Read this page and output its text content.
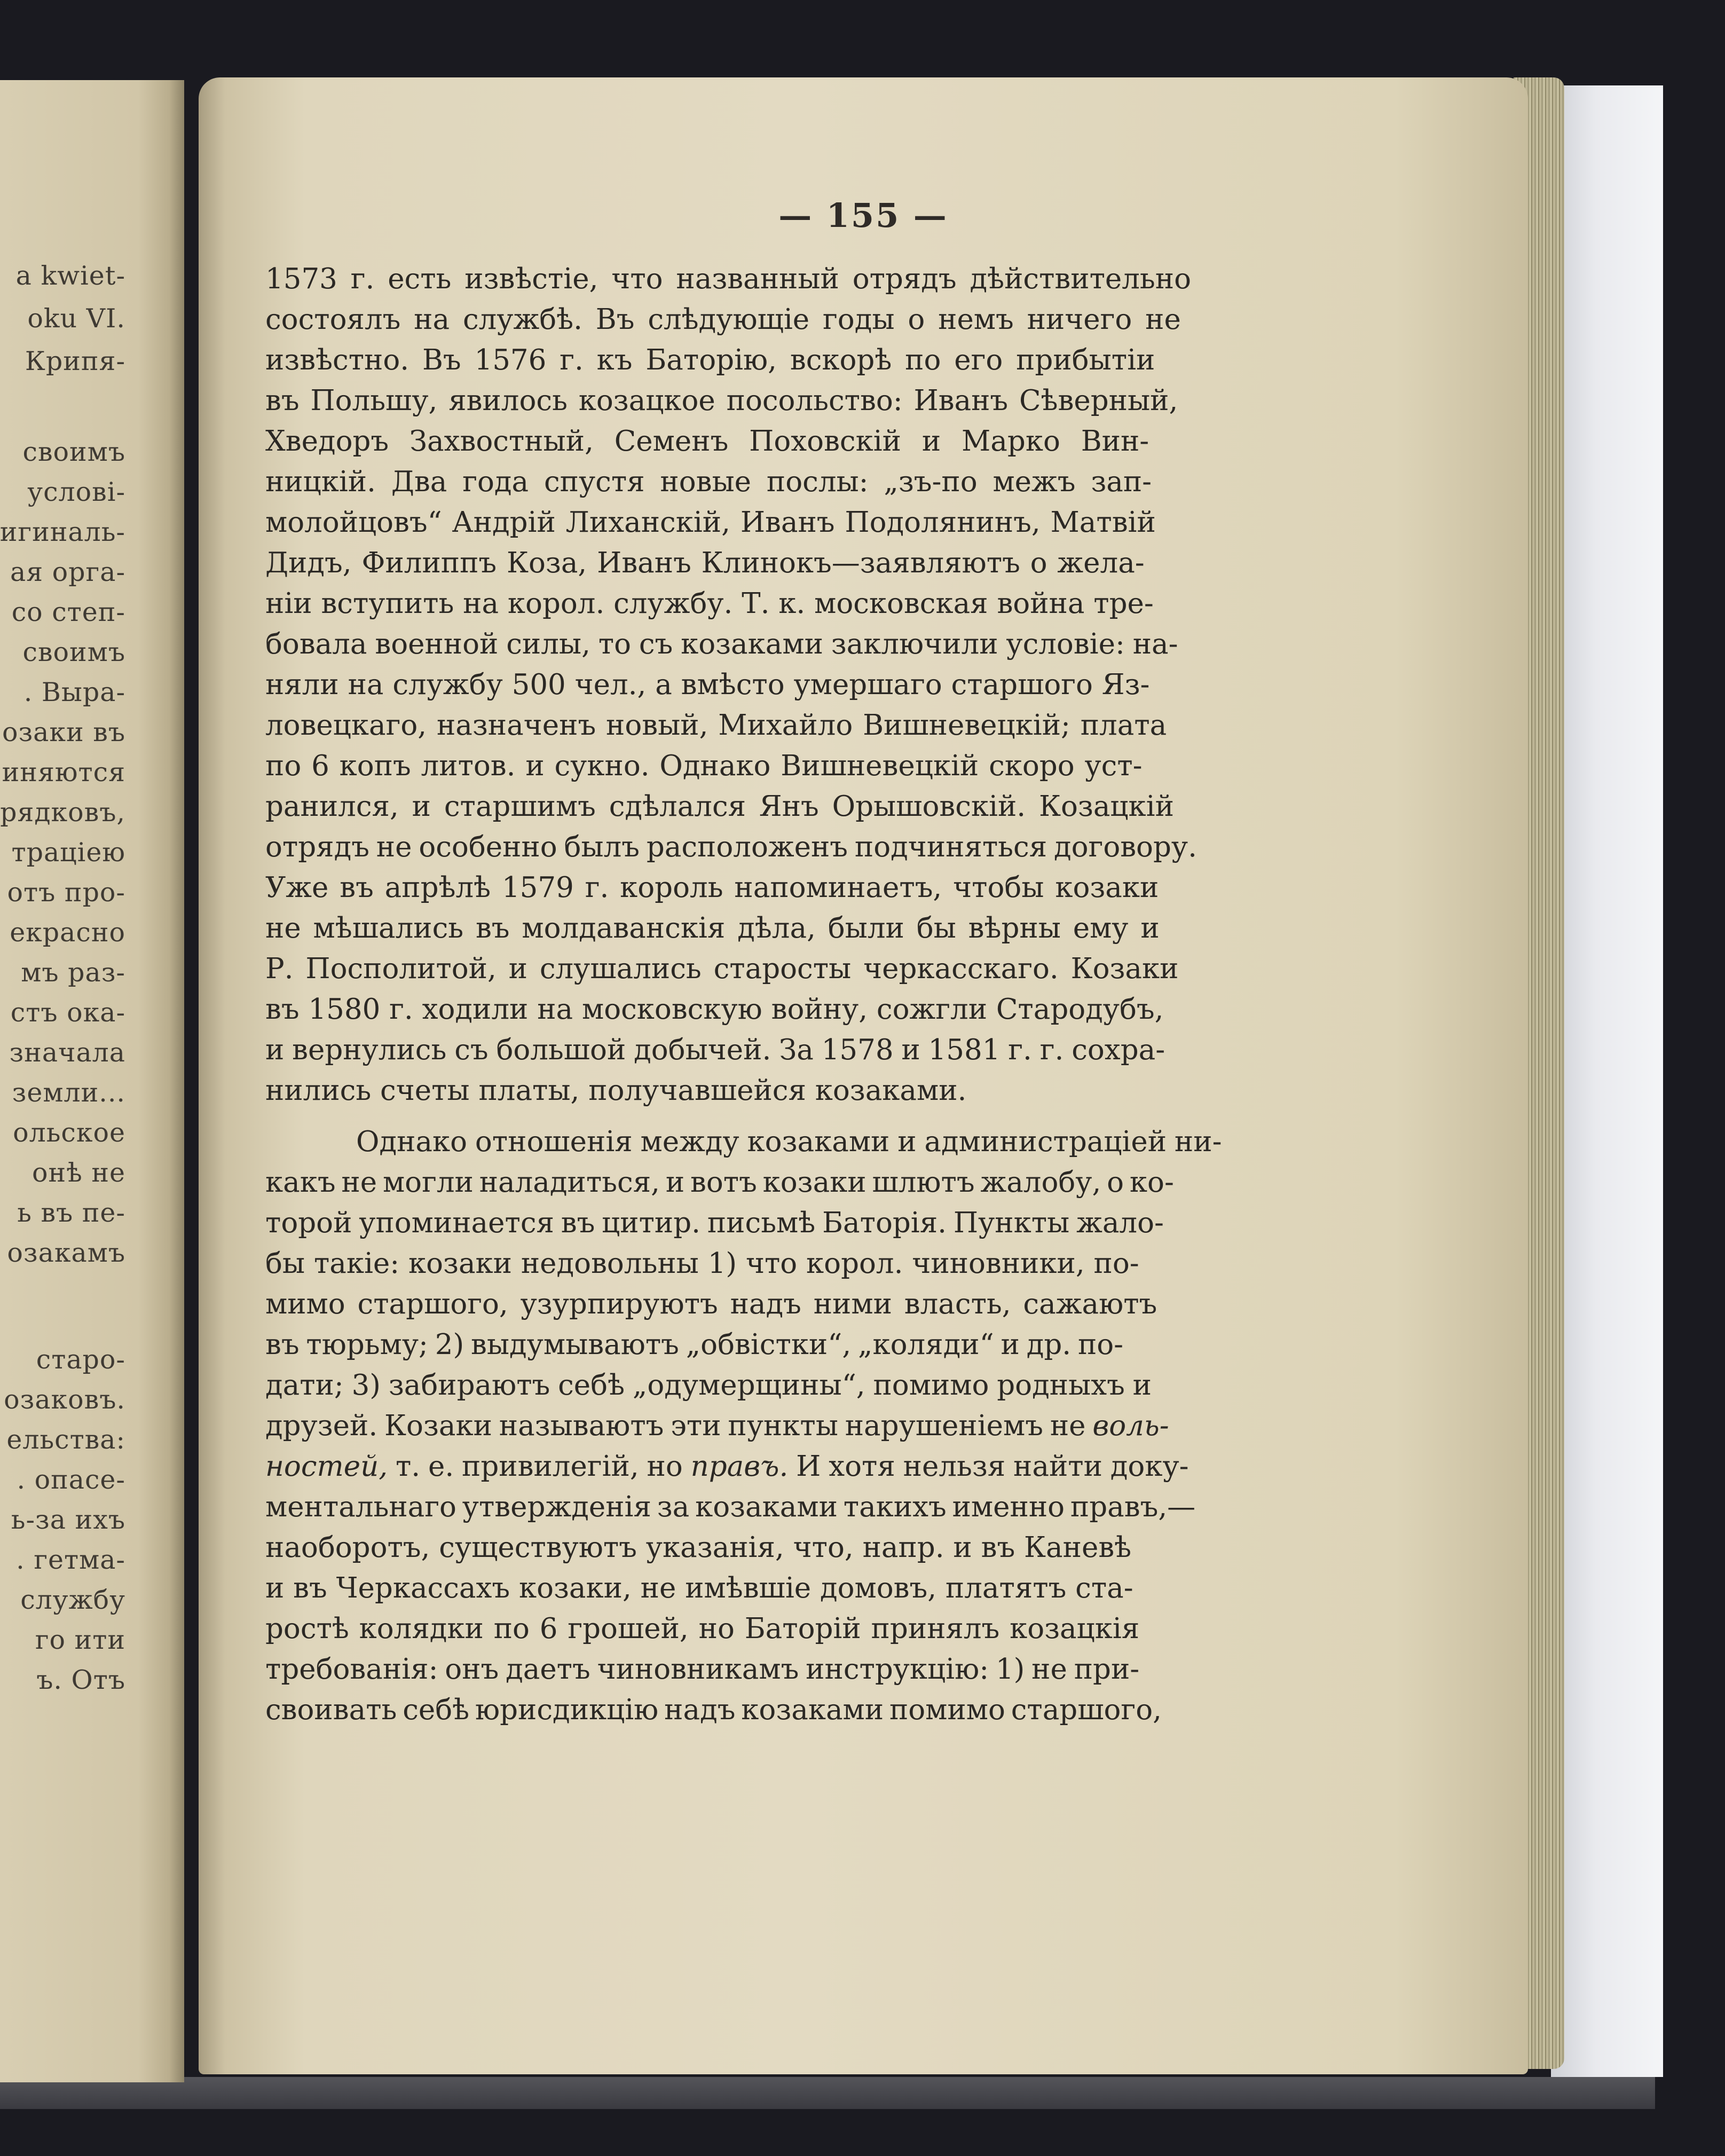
a kwiet-
oku VI.
Крипя-
своимъ
условi-
игиналь-
ая орга-
со степ-
своимъ
. Выра-
озаки въ
иняются
рядковъ,
траціею
отъ про-
екрасно
мъ раз-
стъ ока-
значала
земли...
ольское
онѣ не
ь въ пе-
озакамъ
старо-
озаковъ.
ельства:
. опасе-
ь-за ихъ
. гетма-
службу
го ити
ъ. Отъ
— 155 —
1573 г. есть извѣстіе, что названный отрядъ дѣйствительно
состоялъ на службѣ. Въ слѣдующіе годы о немъ ничего не
извѣстно. Въ 1576 г. къ Баторію, вскорѣ по его прибытіи
въ Польшу, явилось козацкое посольство: Иванъ Сѣверный,
Хведоръ Захвостный, Семенъ Поховскій и Марко Вин-
ницкій. Два года спустя новые послы: „зъ-по межъ зап-
молойцовъ“ Андрій Лиханскій, Иванъ Подолянинъ, Матвій
Дидъ, Филиппъ Коза, Иванъ Клинокъ—заявляютъ о жела-
ніи вступить на корол. службу. Т. к. московская война тре-
бовала военной силы, то съ козаками заключили условіе: на-
няли на службу 500 чел., а вмѣсто умершаго старшого Яз-
ловецкаго, назначенъ новый, Михайло Вишневецкій; плата
по 6 копъ литов. и сукно. Однако Вишневецкій скоро уст-
ранился, и старшимъ сдѣлался Янъ Орышовскій. Козацкій
отрядъ не особенно былъ расположенъ подчиняться договору.
Уже въ апрѣлѣ 1579 г. король напоминаетъ, чтобы козаки
не мѣшались въ молдаванскія дѣла, были бы вѣрны ему и
Р. Посполитой, и слушались старосты черкасскаго. Козаки
въ 1580 г. ходили на московскую войну, сожгли Стародубъ,
и вернулись съ большой добычей. За 1578 и 1581 г. г. сохра-
нились счеты платы, получавшейся козаками.
Однако отношенія между козаками и администраціей ни-
какъ не могли наладиться, и вотъ козаки шлютъ жалобу, о ко-
торой упоминается въ цитир. письмѣ Баторія. Пункты жало-
бы такіе: козаки недовольны 1) что корол. чиновники, по-
мимо старшого, узурпируютъ надъ ними власть, сажаютъ
въ тюрьму; 2) выдумываютъ „обвістки“, „коляди“ и др. по-
дати; 3) забираютъ себѣ „одумерщины“, помимо родныхъ и
друзей. Козаки называютъ эти пункты нарушеніемъ не воль-
ностей, т. е. привилегій, но правъ. И хотя нельзя найти доку-
ментальнаго утвержденія за козаками такихъ именно правъ,—
наоборотъ, существуютъ указанія, что, напр. и въ Каневѣ
и въ Черкассахъ козаки, не имѣвшіе домовъ, платятъ ста-
ростѣ колядки по 6 грошей, но Баторій принялъ козацкія
требованія: онъ даетъ чиновникамъ инструкцію: 1) не при-
своивать себѣ юрисдикцію надъ козаками помимо старшого,
